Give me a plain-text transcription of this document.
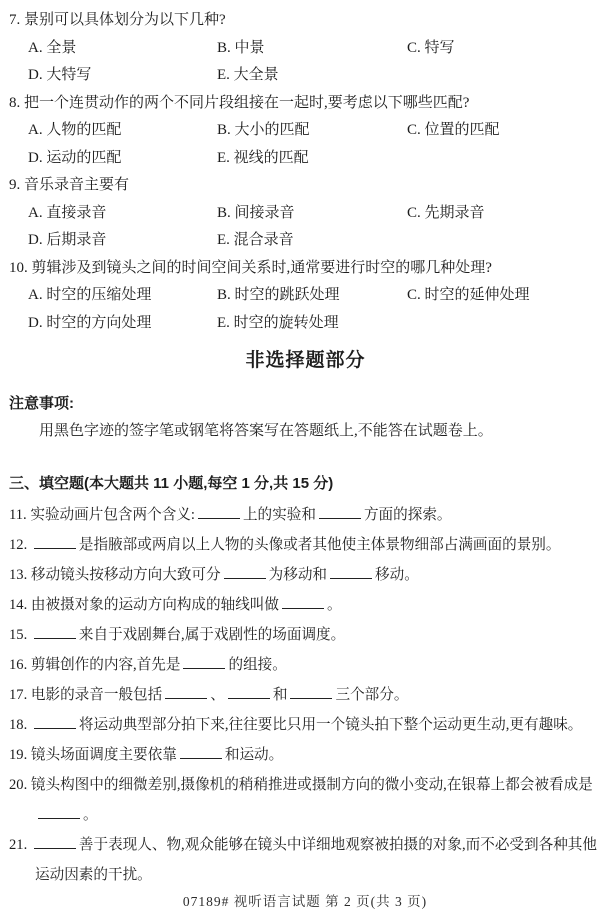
7. 景别可以具体划分为以下几种?
A. 全景	B. 中景	C. 特写
D. 大特写	E. 大全景
8. 把一个连贯动作的两个不同片段组接在一起时,要考虑以下哪些匹配?
A. 人物的匹配	B. 大小的匹配	C. 位置的匹配
D. 运动的匹配	E. 视线的匹配
9. 音乐录音主要有
A. 直接录音	B. 间接录音	C. 先期录音
D. 后期录音	E. 混合录音
10. 剪辑涉及到镜头之间的时间空间关系时,通常要进行时空的哪几种处理?
A. 时空的压缩处理	B. 时空的跳跃处理	C. 时空的延伸处理
D. 时空的方向处理	E. 时空的旋转处理
非选择题部分
注意事项:
用黑色字迹的签字笔或钢笔将答案写在答题纸上,不能答在试题卷上。
三、填空题(本大题共 11 小题,每空 1 分,共 15 分)
11. 实验动画片包含两个含义:	上的实验和	方面的探索。
12.	是指腋部或两肩以上人物的头像或者其他使主体景物细部占满画面的景别。
13. 移动镜头按移动方向大致可分	为移动和	移动。
14. 由被摄对象的运动方向构成的轴线叫做	。
15.	来自于戏剧舞台,属于戏剧性的场面调度。
16. 剪辑创作的内容,首先是	的组接。
17. 电影的录音一般包括	、	和	三个部分。
18.	将运动典型部分拍下来,往往要比只用一个镜头拍下整个运动更生动,更有趣味。
19. 镜头场面调度主要依靠	和运动。
20. 镜头构图中的细微差别,摄像机的稍稍推进或摄制方向的微小变动,在银幕上都会被看成是。
21.	善于表现人、物,观众能够在镜头中详细地观察被拍摄的对象,而不必受到各种其他运动因素的干扰。
07189# 视听语言试题 第 2 页(共 3 页)
